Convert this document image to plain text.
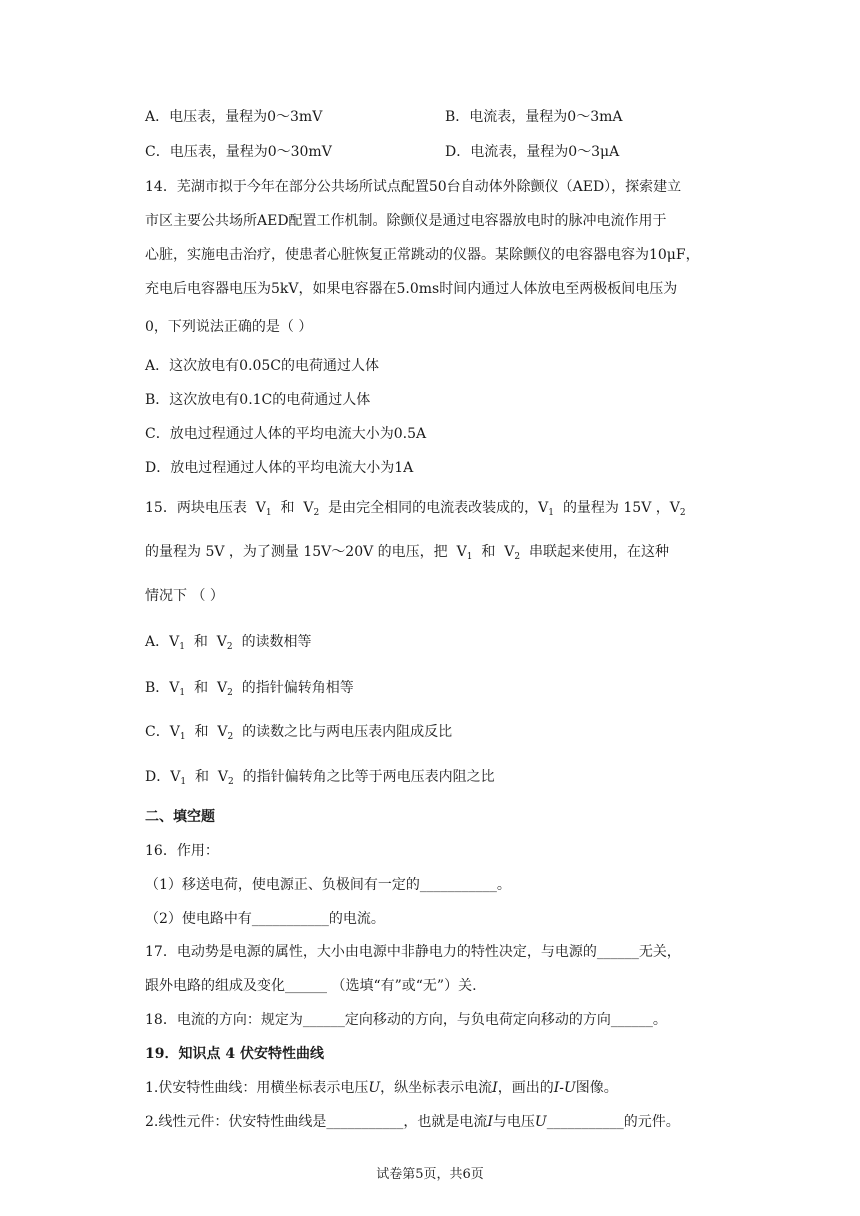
A．电压表，量程为0～3mV	B．电流表，量程为0～3mA
C．电压表，量程为0～30mV	D．电流表，量程为0～3μA
14．芜湖市拟于今年在部分公共场所试点配置50台自动体外除颤仪（AED），探索建立
市区主要公共场所AED配置工作机制。除颤仪是通过电容器放电时的脉冲电流作用于
心脏，实施电击治疗，使患者心脏恢复正常跳动的仪器。某除颤仪的电容器电容为10μF，
充电后电容器电压为5kV，如果电容器在5.0ms时间内通过人体放电至两极板间电压为
0，下列说法正确的是（ ）
A．这次放电有0.05C的电荷通过人体
B．这次放电有0.1C的电荷通过人体
C．放电过程通过人体的平均电流大小为0.5A
D．放电过程通过人体的平均电流大小为1A
15．两块电压表 $V_1$ 和 $V_2$ 是由完全相同的电流表改装成的，$V_1$ 的量程为 15V ，$V_2$
的量程为 5V ，为了测量 15V～20V 的电压，把 $V_1$ 和 $V_2$ 串联起来使用，在这种
情况下 （ ）
A．$V_1$ 和 $V_2$ 的读数相等
B．$V_1$ 和 $V_2$ 的指针偏转角相等
C．$V_1$ 和 $V_2$ 的读数之比与两电压表内阻成反比
D．$V_1$ 和 $V_2$ 的指针偏转角之比等于两电压表内阻之比
二、填空题
16．作用：
（1）移送电荷，使电源正、负极间有一定的___________。
（2）使电路中有___________的电流。
17．电动势是电源的属性，大小由电源中非静电力的特性决定，与电源的______无关，
跟外电路的组成及变化______ （选填“有”或“无”）关.
18．电流的方向：规定为______定向移动的方向，与负电荷定向移动的方向______。
19．知识点 4 伏安特性曲线
1.伏安特性曲线：用横坐标表示电压U，纵坐标表示电流I，画出的I-U图像。
2.线性元件：伏安特性曲线是___________，也就是电流I与电压U___________的元件。
试卷第5页，共6页
